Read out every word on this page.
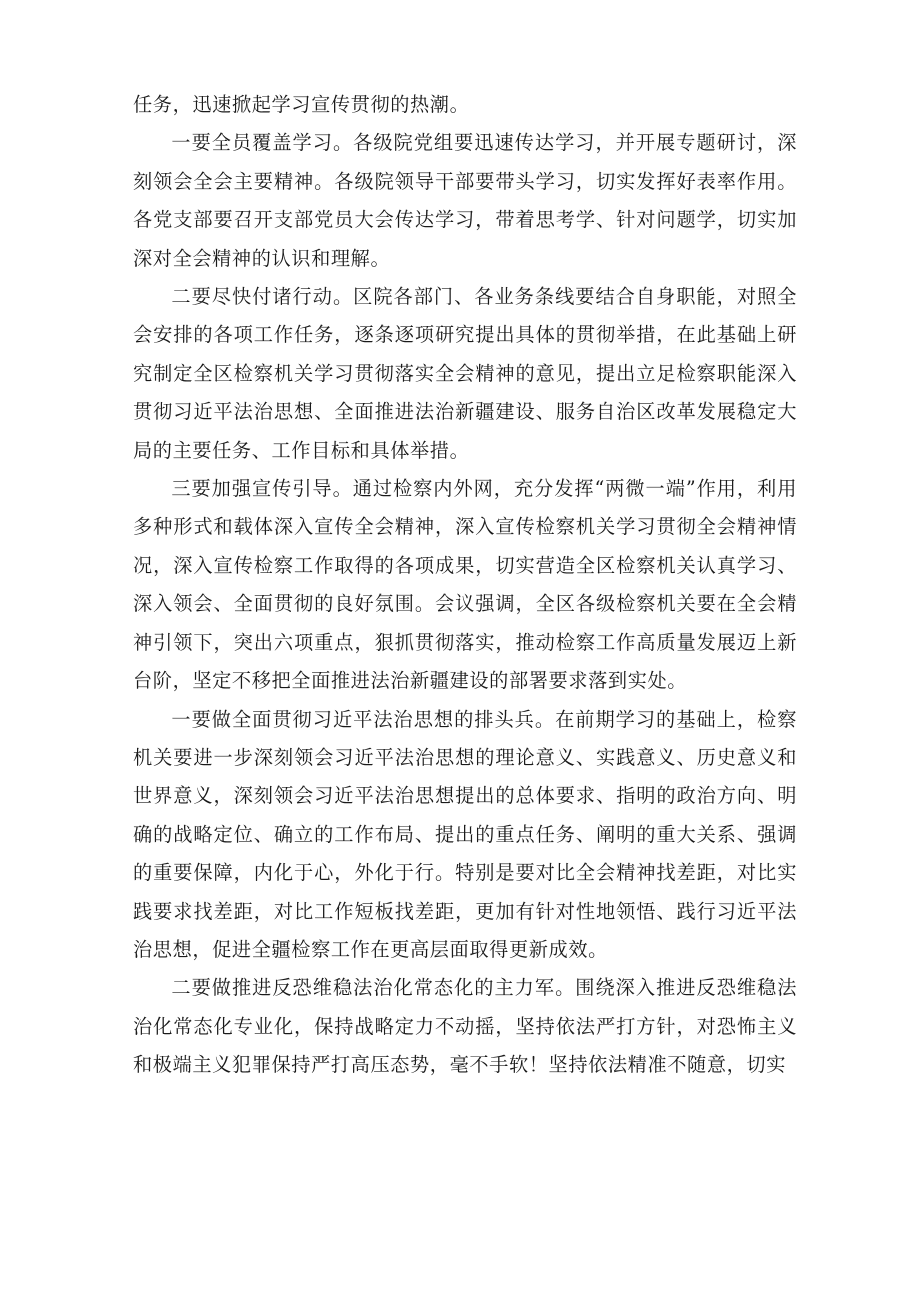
任务，迅速掀起学习宣传贯彻的热潮。

一要全员覆盖学习。各级院党组要迅速传达学习，并开展专题研讨，深刻领会全会主要精神。各级院领导干部要带头学习，切实发挥好表率作用。各党支部要召开支部党员大会传达学习，带着思考学、针对问题学，切实加深对全会精神的认识和理解。

二要尽快付诸行动。区院各部门、各业务条线要结合自身职能，对照全会安排的各项工作任务，逐条逐项研究提出具体的贯彻举措，在此基础上研究制定全区检察机关学习贯彻落实全会精神的意见，提出立足检察职能深入贯彻习近平法治思想、全面推进法治新疆建设、服务自治区改革发展稳定大局的主要任务、工作目标和具体举措。

三要加强宣传引导。通过检察内外网，充分发挥“两微一端”作用，利用多种形式和载体深入宣传全会精神，深入宣传检察机关学习贯彻全会精神情况，深入宣传检察工作取得的各项成果，切实营造全区检察机关认真学习、深入领会、全面贯彻的良好氛围。会议强调，全区各级检察机关要在全会精神引领下，突出六项重点，狠抓贯彻落实，推动检察工作高质量发展迈上新台阶，坚定不移把全面推进法治新疆建设的部署要求落到实处。

一要做全面贯彻习近平法治思想的排头兵。在前期学习的基础上，检察机关要进一步深刻领会习近平法治思想的理论意义、实践意义、历史意义和世界意义，深刻领会习近平法治思想提出的总体要求、指明的政治方向、明确的战略定位、确立的工作布局、提出的重点任务、阐明的重大关系、强调的重要保障，内化于心，外化于行。特别是要对比全会精神找差距，对比实践要求找差距，对比工作短板找差距，更加有针对性地领悟、践行习近平法治思想，促进全疆检察工作在更高层面取得更新成效。

二要做推进反恐维稳法治化常态化的主力军。围绕深入推进反恐维稳法治化常态化专业化，保持战略定力不动摇，坚持依法严打方针，对恐怖主义和极端主义犯罪保持严打高压态势，毫不手软！坚持依法精准不随意，切实
